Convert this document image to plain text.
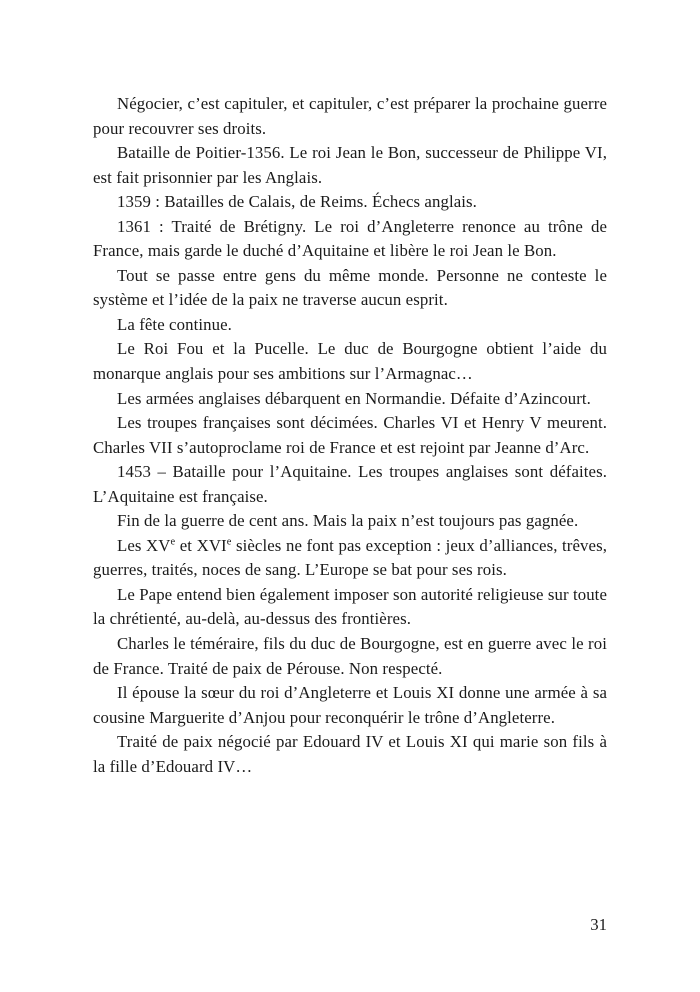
Négocier, c’est capituler, et capituler, c’est préparer la prochaine guerre pour recouvrer ses droits.

Bataille de Poitier-1356. Le roi Jean le Bon, successeur de Philippe VI, est fait prisonnier par les Anglais.

1359 : Batailles de Calais, de Reims. Échecs anglais.

1361 : Traité de Brétigny. Le roi d’Angleterre renonce au trône de France, mais garde le duché d’Aquitaine et libère le roi Jean le Bon.

Tout se passe entre gens du même monde. Personne ne conteste le système et l’idée de la paix ne traverse aucun esprit.

La fête continue.

Le Roi Fou et la Pucelle. Le duc de Bourgogne obtient l’aide du monarque anglais pour ses ambitions sur l’Armagnac…

Les armées anglaises débarquent en Normandie. Défaite d’Azincourt.

Les troupes françaises sont décimées. Charles VI et Henry V meurent. Charles VII s’autoproclame roi de France et est rejoint par Jeanne d’Arc.

1453 – Bataille pour l’Aquitaine. Les troupes anglaises sont défaites. L’Aquitaine est française.

Fin de la guerre de cent ans. Mais la paix n’est toujours pas gagnée.

Les XVe et XVIe siècles ne font pas exception : jeux d’alliances, trêves, guerres, traités, noces de sang. L’Europe se bat pour ses rois.

Le Pape entend bien également imposer son autorité religieuse sur toute la chrétienté, au-delà, au-dessus des frontières.

Charles le téméraire, fils du duc de Bourgogne, est en guerre avec le roi de France. Traité de paix de Pérouse. Non respecté.

Il épouse la sœur du roi d’Angleterre et Louis XI donne une armée à sa cousine Marguerite d’Anjou pour reconquérir le trône d’Angleterre.

Traité de paix négocié par Edouard IV et Louis XI qui marie son fils à la fille d’Edouard IV…

31
